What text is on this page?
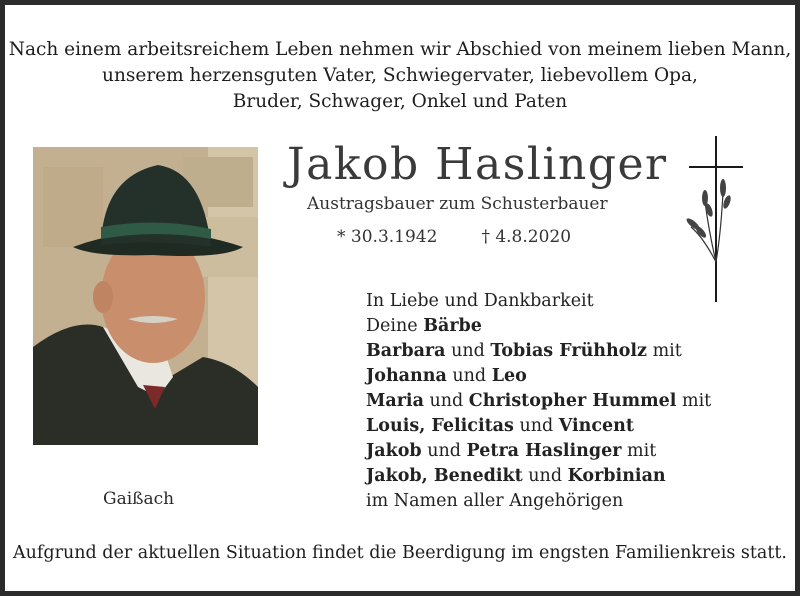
Nach einem arbeitsreichem Leben nehmen wir Abschied von meinem lieben Mann,
unserem herzensguten Vater, Schwiegervater, liebevollem Opa,
Bruder, Schwager, Onkel und Paten
Gaißach
Jakob Haslinger
Austragsbauer zum Schusterbauer
* 30.3.1942	† 4.8.2020
In Liebe und Dankbarkeit
Deine Bärbe
Barbara und Tobias Frühholz mit
Johanna und Leo
Maria und Christopher Hummel mit
Louis, Felicitas und Vincent
Jakob und Petra Haslinger mit
Jakob, Benedikt und Korbinian
im Namen aller Angehörigen
Aufgrund der aktuellen Situation findet die Beerdigung im engsten Familienkreis statt.
